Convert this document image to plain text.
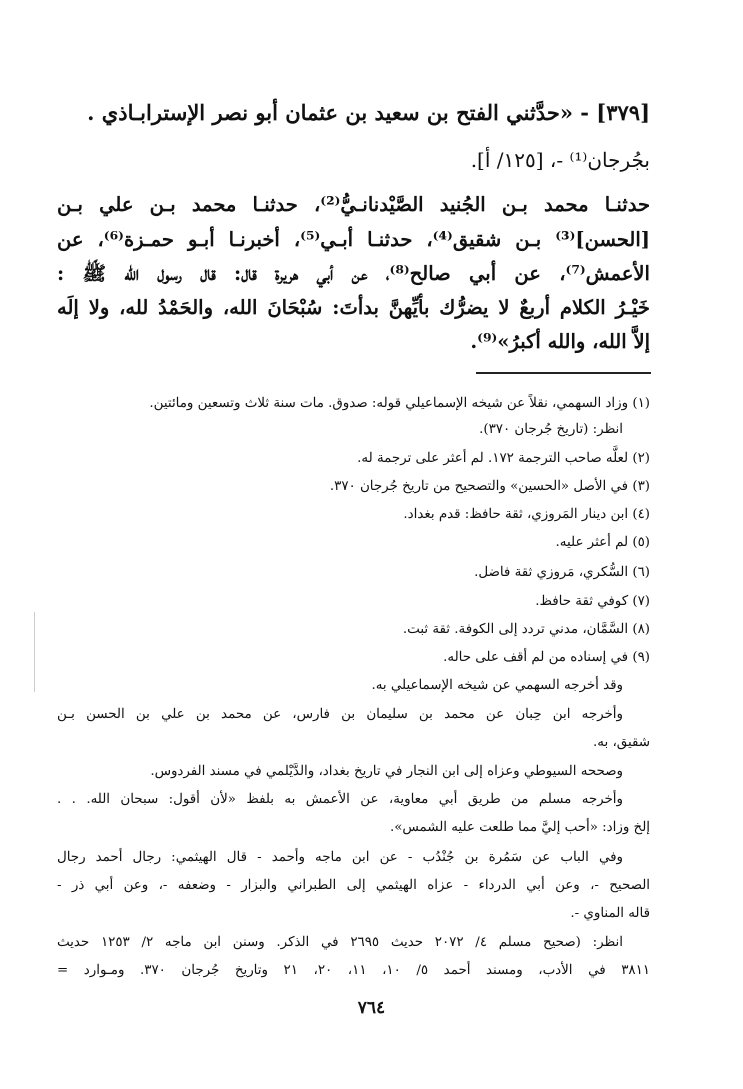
[٣٧٩] - «حدَّثني الفتح بن سعيد بن عثمان أبو نصر الإسترابـاذي .
بجُرجان⁽¹⁾ -، [١٢٥/ أ].
حدثنـا محمد بـن الجُنيد الصَّيْدنانـيُّ⁽²⁾، حدثنـا محمد بـن علي بـن
[الحسن]⁽³⁾ بـن شقيق⁽⁴⁾، حدثنـا أبـي⁽⁵⁾، أخبرنـا أبـو حمـزة⁽⁶⁾، عن
الأعمش⁽⁷⁾، عن أبي صالح⁽⁸⁾، عن أبي هريرة قال: قال رسول الله ﷺ :
خَيْـرُ الكلام أربعٌ لا يضرُّك بأيِّهنَّ بدأتَ: سُبْحَانَ الله، والحَمْدُ لله، ولا إلَه
إلاَّ الله، والله أكبرُ»⁽⁹⁾.
(١) وزاد السهمي، نقلاً عن شيخه الإسماعيلي قوله: صدوق. مات سنة ثلاث وتسعين ومائتين.
انظر: (تاريخ جُرجان ٣٧٠).
(٢) لعلَّه صاحب الترجمة ١٧٢. لم أعثر على ترجمة له.
(٣) في الأصل «الحسين» والتصحيح من تاريخ جُرجان ٣٧٠.
(٤) ابن دينار المَروزي، ثقة حافظ: قدم بغداد.
(٥) لم أعثر عليه.
(٦) السُّكري، مَروزي ثقة فاضل.
(٧) كوفي ثقة حافظ.
(٨) السَّمَّان، مدني تردد إلى الكوفة. ثقة ثبت.
(٩) في إسناده من لم أقف على حاله.
وقد أخرجه السهمي عن شيخه الإسماعيلي به.
وأخرجه ابن حِبان عن محمد بن سليمان بن فارس، عن محمد بن علي بن الحسن بـن
شقيق، به.
وصححه السيوطي وعزاه إلى ابن النجار في تاريخ بغداد، والدَّيْلمي في مسند الفردوس.
وأخرجه مسلم من طريق أبي معاوية، عن الأعمش به بلفظ «لأن أقول: سبحان الله. . .
إلخ وزاد: «أحب إليَّ مما طلعت عليه الشمس».
وفي الباب عن سَمُرة بن جُنْدُب - عن ابن ماجه وأحمد - قال الهيثمي: رجال أحمد رجال
الصحيح -، وعن أبي الدرداء - عزاه الهيثمي إلى الطبراني والبزار - وضعفه -، وعن أبي ذر -
قاله المناوي -.
انظر: (صحيح مسلم ٤/ ٢٠٧٢ حديث ٢٦٩٥ في الذكر. وسنن ابن ماجه ٢/ ١٢٥٣ حديث
٣٨١١ في الأدب، ومسند أحمد ٥/ ١٠، ١١، ٢٠، ٢١ وتاريخ جُرجان ٣٧٠. ومـوارد =
٧٦٤
